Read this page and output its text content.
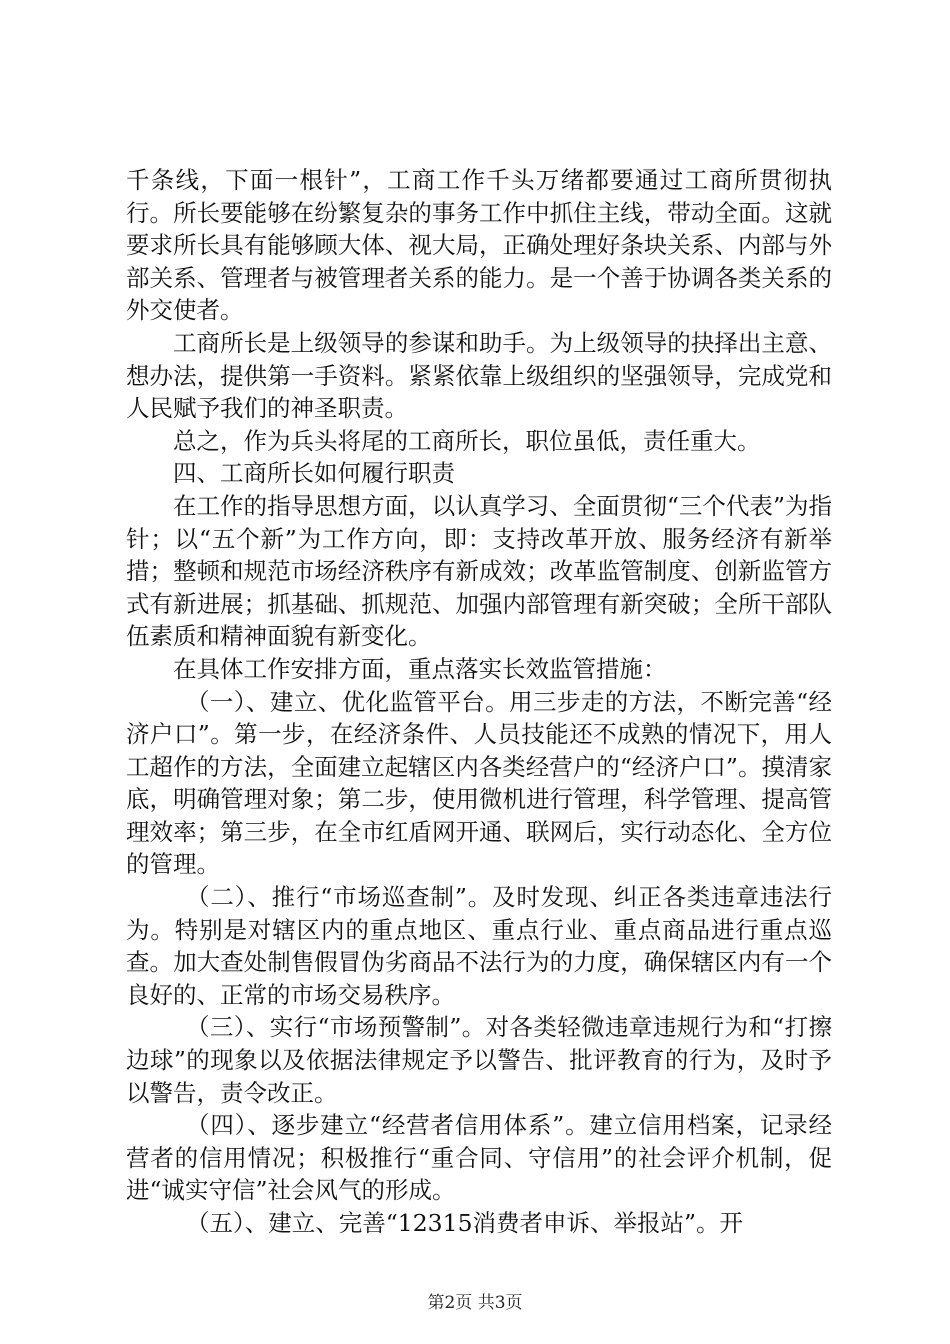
千条线，下面一根针”，工商工作千头万绪都要通过工商所贯彻执行。所长要能够在纷繁复杂的事务工作中抓住主线，带动全面。这就要求所长具有能够顾大体、视大局，正确处理好条块关系、内部与外部关系、管理者与被管理者关系的能力。是一个善于协调各类关系的外交使者。

工商所长是上级领导的参谋和助手。为上级领导的抉择出主意、想办法，提供第一手资料。紧紧依靠上级组织的坚强领导，完成党和人民赋予我们的神圣职责。

总之，作为兵头将尾的工商所长，职位虽低，责任重大。

四、工商所长如何履行职责

在工作的指导思想方面，以认真学习、全面贯彻“三个代表”为指针；以“五个新”为工作方向，即：支持改革开放、服务经济有新举措；整顿和规范市场经济秩序有新成效；改革监管制度、创新监管方式有新进展；抓基础、抓规范、加强内部管理有新突破；全所干部队伍素质和精神面貌有新变化。

在具体工作安排方面，重点落实长效监管措施：

（一）、建立、优化监管平台。用三步走的方法，不断完善“经济户口”。第一步，在经济条件、人员技能还不成熟的情况下，用人工超作的方法，全面建立起辖区内各类经营户的“经济户口”。摸清家底，明确管理对象；第二步，使用微机进行管理，科学管理、提高管理效率；第三步，在全市红盾网开通、联网后，实行动态化、全方位的管理。

（二）、推行“市场巡查制”。及时发现、纠正各类违章违法行为。特别是对辖区内的重点地区、重点行业、重点商品进行重点巡查。加大查处制售假冒伪劣商品不法行为的力度，确保辖区内有一个良好的、正常的市场交易秩序。

（三）、实行“市场预警制”。对各类轻微违章违规行为和“打擦边球”的现象以及依据法律规定予以警告、批评教育的行为，及时予以警告，责令改正。

（四）、逐步建立“经营者信用体系”。建立信用档案，记录经营者的信用情况；积极推行“重合同、守信用”的社会评介机制，促进“诚实守信”社会风气的形成。

（五）、建立、完善“12315消费者申诉、举报站”。开

第2页 共3页
